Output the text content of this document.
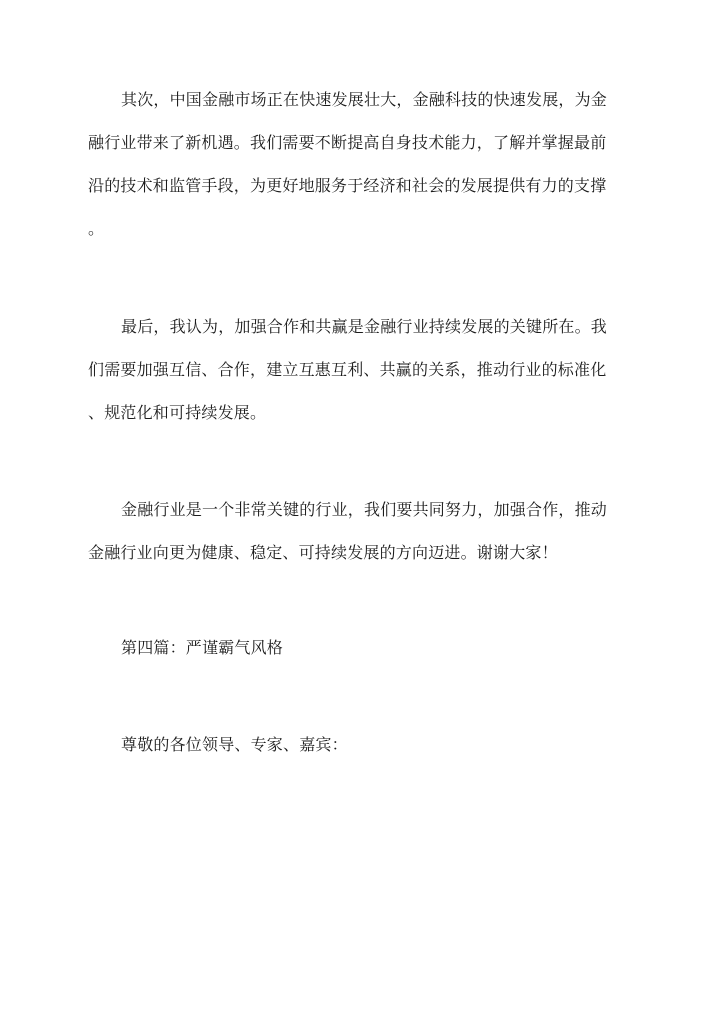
其次，中国金融市场正在快速发展壮大，金融科技的快速发展，为金
融行业带来了新机遇。我们需要不断提高自身技术能力，了解并掌握最前
沿的技术和监管手段，为更好地服务于经济和社会的发展提供有力的支撑
。

最后，我认为，加强合作和共赢是金融行业持续发展的关键所在。我
们需要加强互信、合作，建立互惠互利、共赢的关系，推动行业的标准化
、规范化和可持续发展。

金融行业是一个非常关键的行业，我们要共同努力，加强合作，推动
金融行业向更为健康、稳定、可持续发展的方向迈进。谢谢大家！

第四篇：严谨霸气风格

尊敬的各位领导、专家、嘉宾：
